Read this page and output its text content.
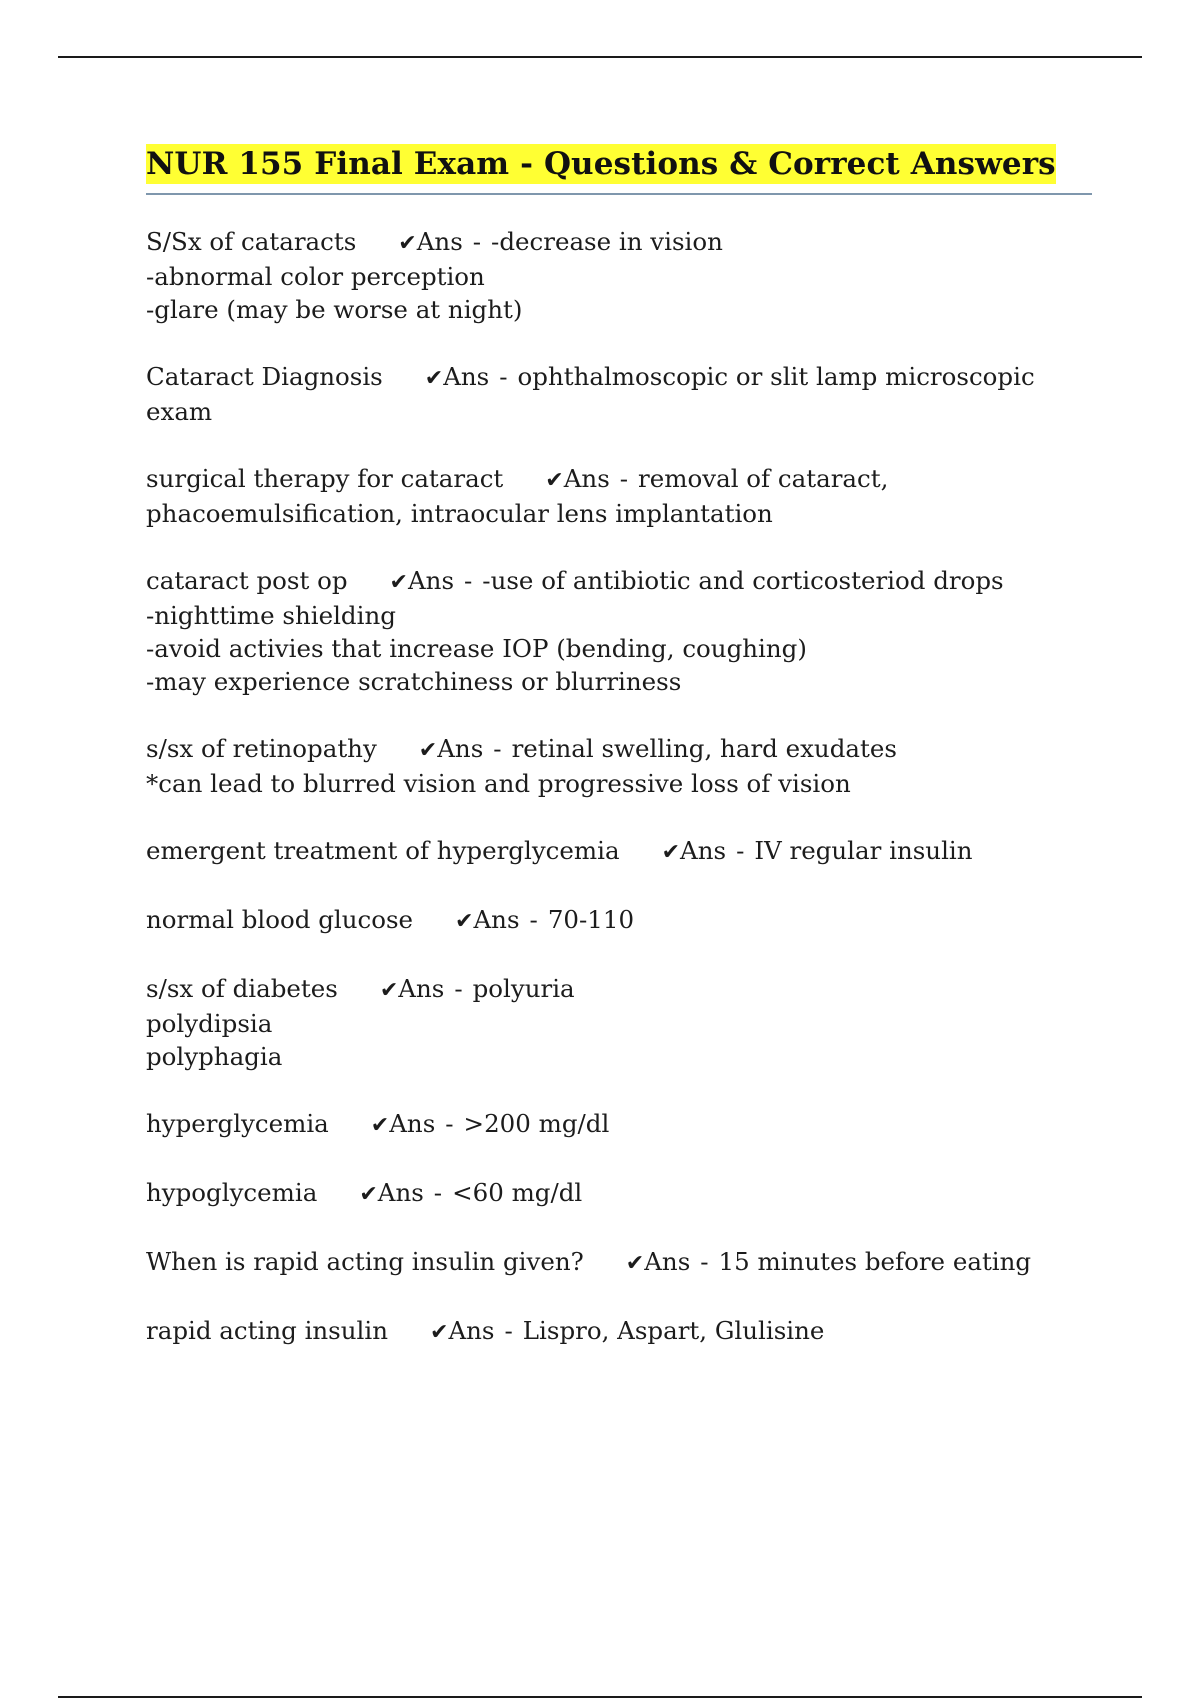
NUR 155 Final Exam - Questions & Correct Answers
S/Sx of cataracts ✔Ans - -decrease in vision
-abnormal color perception
-glare (may be worse at night)
Cataract Diagnosis ✔Ans - ophthalmoscopic or slit lamp microscopic
exam
surgical therapy for cataract ✔Ans - removal of cataract,
phacoemulsification, intraocular lens implantation
cataract post op ✔Ans - -use of antibiotic and corticosteriod drops
-nighttime shielding
-avoid activies that increase IOP (bending, coughing)
-may experience scratchiness or blurriness
s/sx of retinopathy ✔Ans - retinal swelling, hard exudates
*can lead to blurred vision and progressive loss of vision
emergent treatment of hyperglycemia ✔Ans - IV regular insulin
normal blood glucose ✔Ans - 70-110
s/sx of diabetes ✔Ans - polyuria
polydipsia
polyphagia
hyperglycemia ✔Ans - >200 mg/dl
hypoglycemia ✔Ans - <60 mg/dl
When is rapid acting insulin given? ✔Ans - 15 minutes before eating
rapid acting insulin ✔Ans - Lispro, Aspart, Glulisine
